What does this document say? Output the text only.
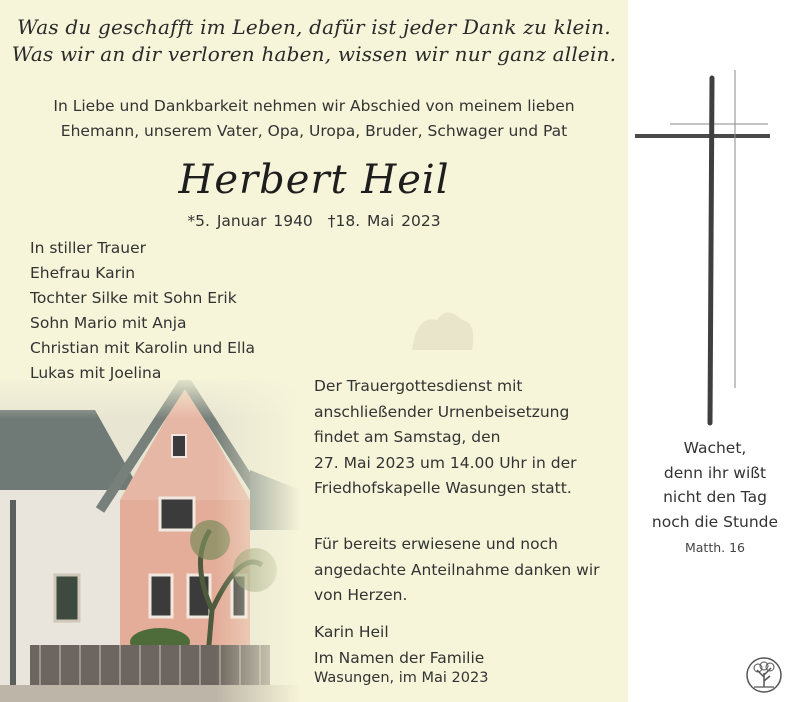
Was du geschafft im Leben, dafür ist jeder Dank zu klein.
Was wir an dir verloren haben, wissen wir nur ganz allein.
In Liebe und Dankbarkeit nehmen wir Abschied von meinem lieben
Ehemann, unserem Vater, Opa, Uropa, Bruder, Schwager und Pat
Herbert Heil
*5. Januar 1940 †18. Mai 2023
In stiller Trauer
Ehefrau Karin
Tochter Silke mit Sohn Erik
Sohn Mario mit Anja
Christian mit Karolin und Ella
Lukas mit Joelina
Der Trauergottesdienst mit
anschließender Urnenbeisetzung
findet am Samstag, den
27. Mai 2023 um 14.00 Uhr in der
Friedhofskapelle Wasungen statt.
Für bereits erwiesene und noch
angedachte Anteilnahme danken wir
von Herzen.
Karin Heil
Im Namen der Familie
Wasungen, im Mai 2023
Wachet,
denn ihr wißt
nicht den Tag
noch die Stunde
Matth. 16
